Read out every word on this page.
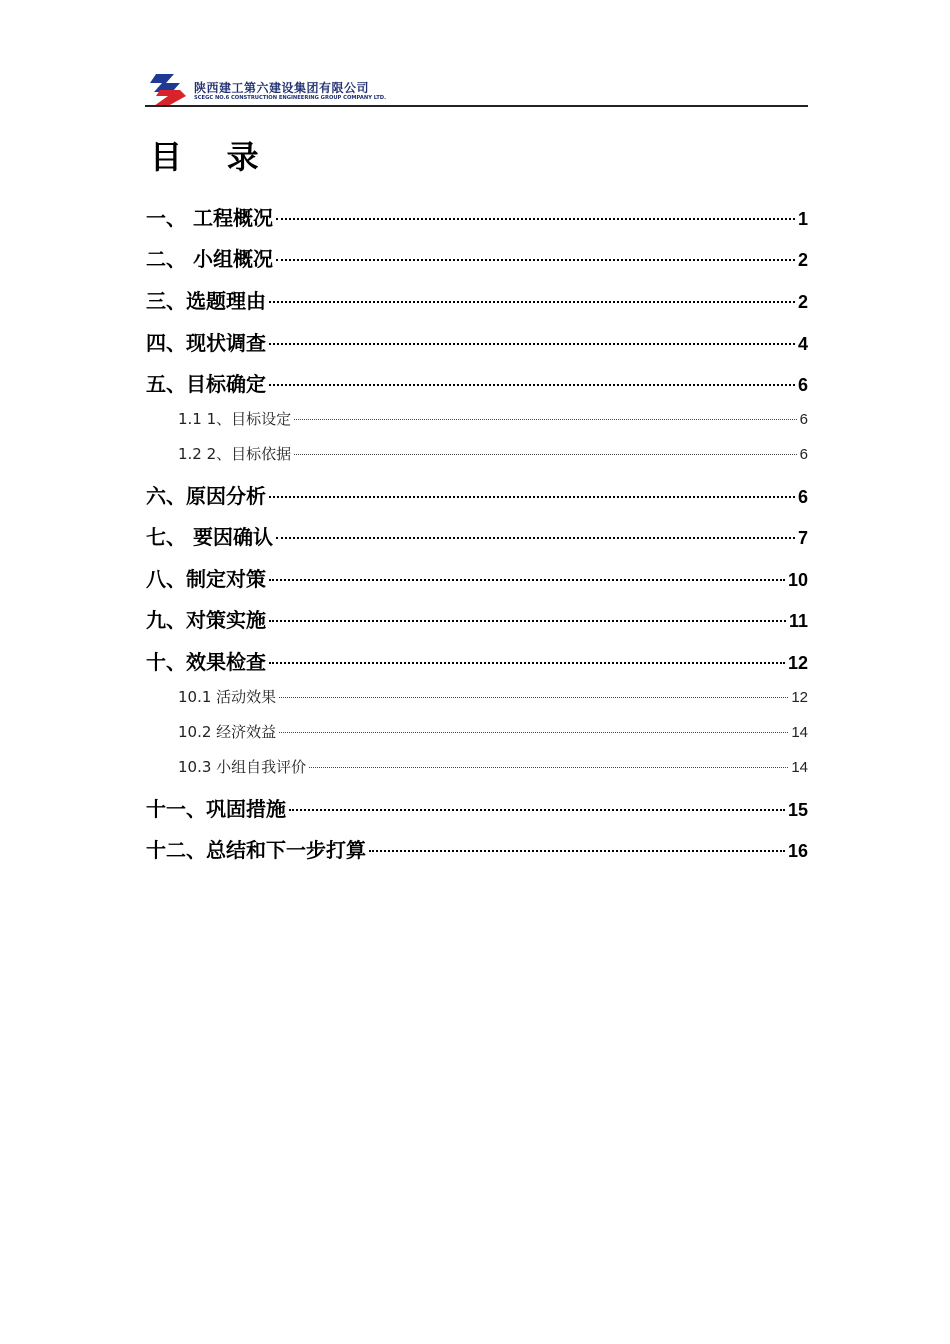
陕西建工第六建设集团有限公司
SCEGC NO.6 CONSTRUCTION ENGINEERING GROUP COMPANY LTD.
目    录
一、 工程概况	1
二、 小组概况	2
三、选题理由	2
四、现状调查	4
五、目标确定	6
1.1 1、目标设定	6
1.2 2、目标依据	6
六、原因分析	6
七、 要因确认	7
八、制定对策	10
九、对策实施	11
十、效果检查	12
10.1 活动效果	12
10.2 经济效益	14
10.3 小组自我评价	14
十一、巩固措施	15
十二、总结和下一步打算	16
